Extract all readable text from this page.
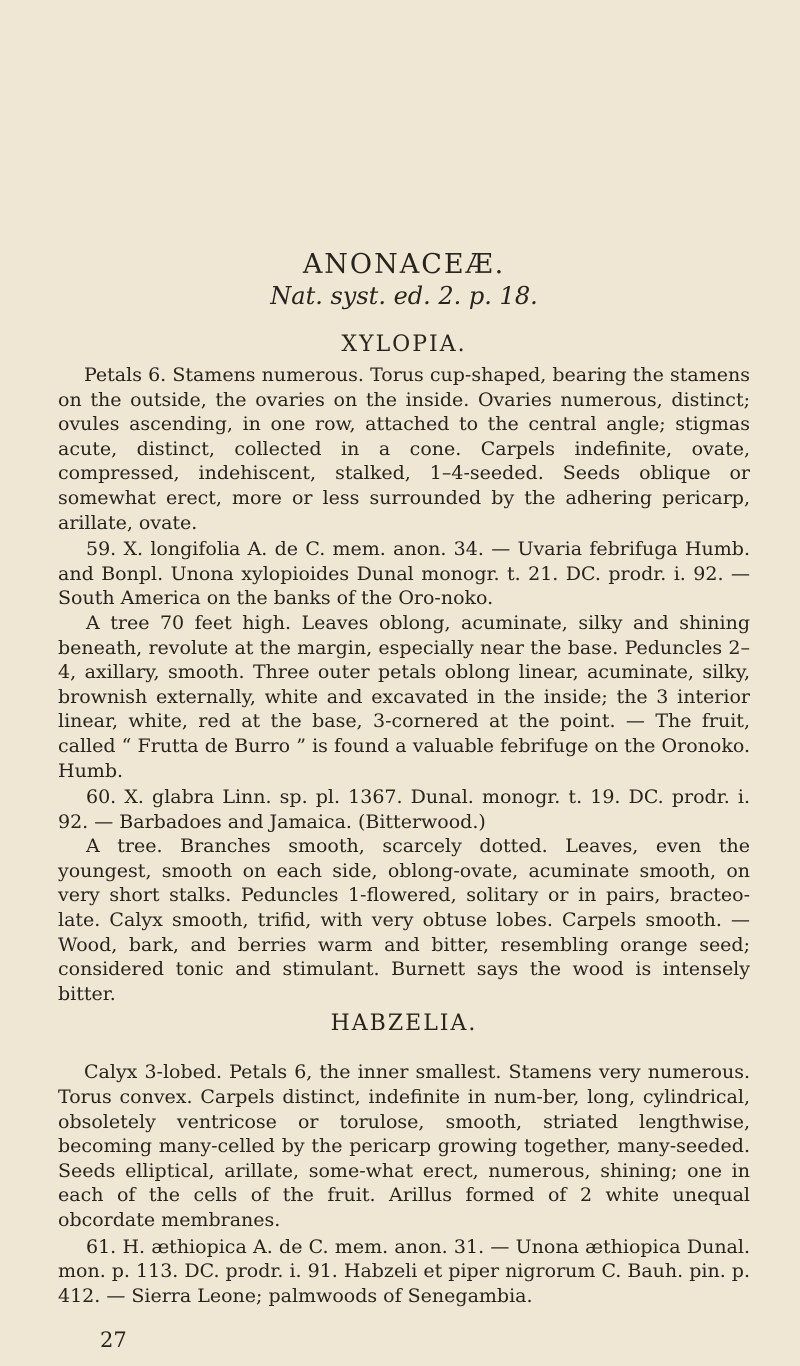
ANONACEÆ.
Nat. syst. ed. 2. p. 18.
XYLOPIA.

Petals 6. Stamens numerous. Torus cup-shaped, bearing the stamens on the outside, the ovaries on the inside. Ovaries numerous, distinct; ovules ascending, in one row, attached to the central angle; stigmas acute, distinct, collected in a cone. Carpels indefinite, ovate, compressed, indehiscent, stalked, 1–4-seeded. Seeds oblique or somewhat erect, more or less surrounded by the adhering pericarp, arillate, ovate.

59. X. longifolia A. de C. mem. anon. 34. — Uvaria febrifuga Humb. and Bonpl. Unona xylopioides Dunal monogr. t. 21. DC. prodr. i. 92. — South America on the banks of the Oro-noko.

A tree 70 feet high. Leaves oblong, acuminate, silky and shining beneath, revolute at the margin, especially near the base. Peduncles 2–4, axillary, smooth. Three outer petals oblong linear, acuminate, silky, brownish externally, white and excavated in the inside; the 3 interior linear, white, red at the base, 3-cornered at the point. — The fruit, called “ Frutta de Burro ” is found a valuable febrifuge on the Oronoko. Humb.

60. X. glabra Linn. sp. pl. 1367. Dunal. monogr. t. 19. DC. prodr. i. 92. — Barbadoes and Jamaica. (Bitterwood.)

A tree. Branches smooth, scarcely dotted. Leaves, even the youngest, smooth on each side, oblong-ovate, acuminate smooth, on very short stalks. Peduncles 1-flowered, solitary or in pairs, bracteo-late. Calyx smooth, trifid, with very obtuse lobes. Carpels smooth. — Wood, bark, and berries warm and bitter, resembling orange seed; considered tonic and stimulant. Burnett says the wood is intensely bitter.

HABZELIA.

Calyx 3-lobed. Petals 6, the inner smallest. Stamens very numerous. Torus convex. Carpels distinct, indefinite in num-ber, long, cylindrical, obsoletely ventricose or torulose, smooth, striated lengthwise, becoming many-celled by the pericarp growing together, many-seeded. Seeds elliptical, arillate, some-what erect, numerous, shining; one in each of the cells of the fruit. Arillus formed of 2 white unequal obcordate membranes.

61. H. æthiopica A. de C. mem. anon. 31. — Unona æthiopica Dunal. mon. p. 113. DC. prodr. i. 91. Habzeli et piper nigrorum C. Bauh. pin. p. 412. — Sierra Leone; palmwoods of Senegambia.

27
